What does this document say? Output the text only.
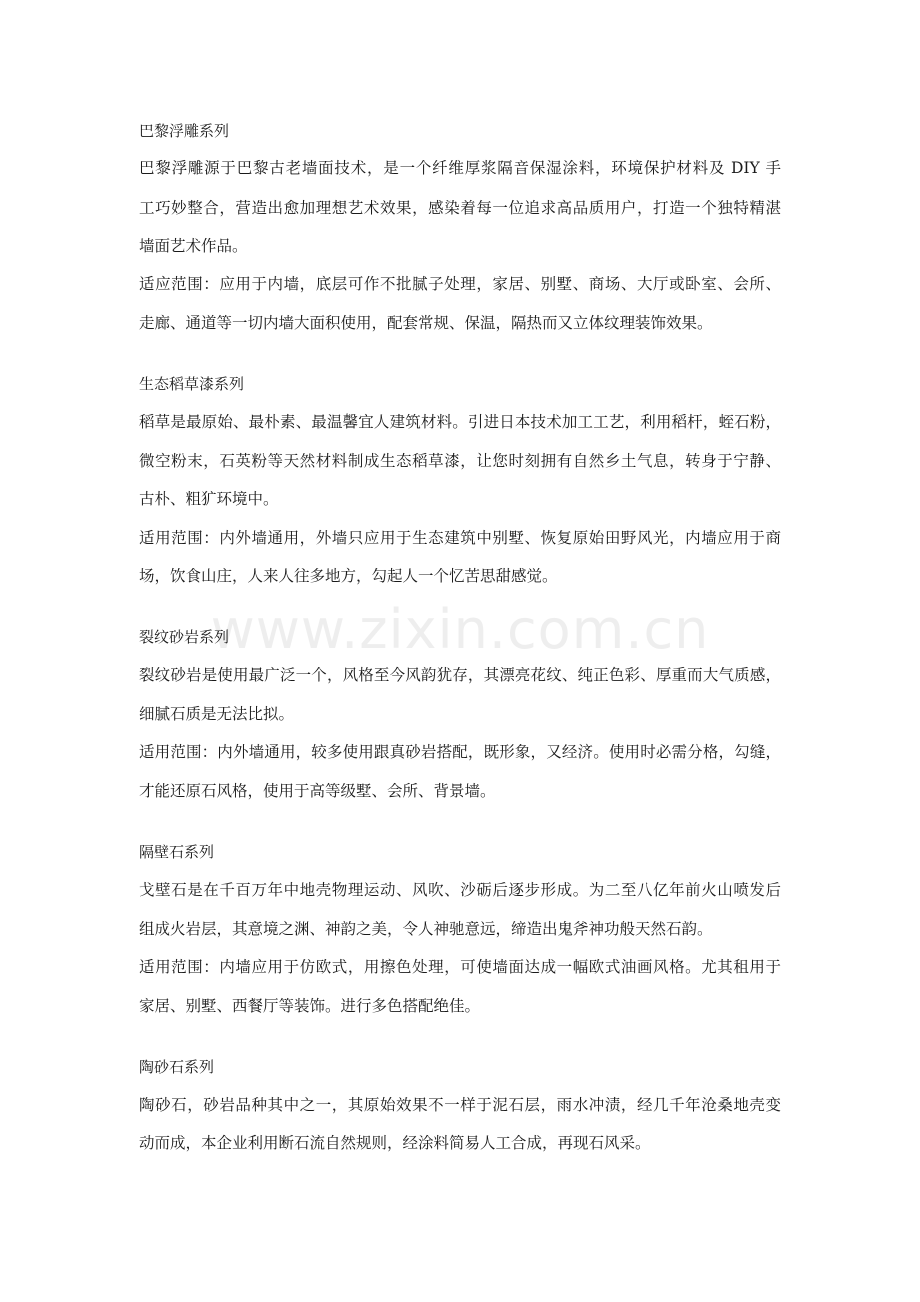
www.zixin.com.cn
巴黎浮雕系列
巴黎浮雕源于巴黎古老墙面技术，是一个纤维厚浆隔音保湿涂料，环境保护材料及 DIY 手
工巧妙整合，营造出愈加理想艺术效果，感染着每一位追求高品质用户，打造一个独特精湛
墙面艺术作品。
适应范围：应用于内墙，底层可作不批腻子处理，家居、别墅、商场、大厅或卧室、会所、
走廊、通道等一切内墙大面积使用，配套常规、保温，隔热而又立体纹理装饰效果。
生态稻草漆系列
稻草是最原始、最朴素、最温馨宜人建筑材料。引进日本技术加工工艺，利用稻杆，蛭石粉，
微空粉末，石英粉等天然材料制成生态稻草漆，让您时刻拥有自然乡土气息，转身于宁静、
古朴、粗犷环境中。
适用范围：内外墙通用，外墙只应用于生态建筑中别墅、恢复原始田野风光，内墙应用于商
场，饮食山庄，人来人往多地方，勾起人一个忆苦思甜感觉。
裂纹砂岩系列
裂纹砂岩是使用最广泛一个，风格至今风韵犹存，其漂亮花纹、纯正色彩、厚重而大气质感，
细腻石质是无法比拟。
适用范围：内外墙通用，较多使用跟真砂岩搭配，既形象，又经济。使用时必需分格，勾缝，
才能还原石风格，使用于高等级墅、会所、背景墙。
隔壁石系列
戈壁石是在千百万年中地壳物理运动、风吹、沙砺后逐步形成。为二至八亿年前火山喷发后
组成火岩层，其意境之渊、神韵之美，令人神驰意远，缔造出鬼斧神功般天然石韵。
适用范围：内墙应用于仿欧式，用擦色处理，可使墙面达成一幅欧式油画风格。尤其租用于
家居、别墅、西餐厅等装饰。进行多色搭配绝佳。
陶砂石系列
陶砂石，砂岩品种其中之一，其原始效果不一样于泥石层，雨水冲渍，经几千年沧桑地壳变
动而成，本企业利用断石流自然规则，经涂料简易人工合成，再现石风采。
